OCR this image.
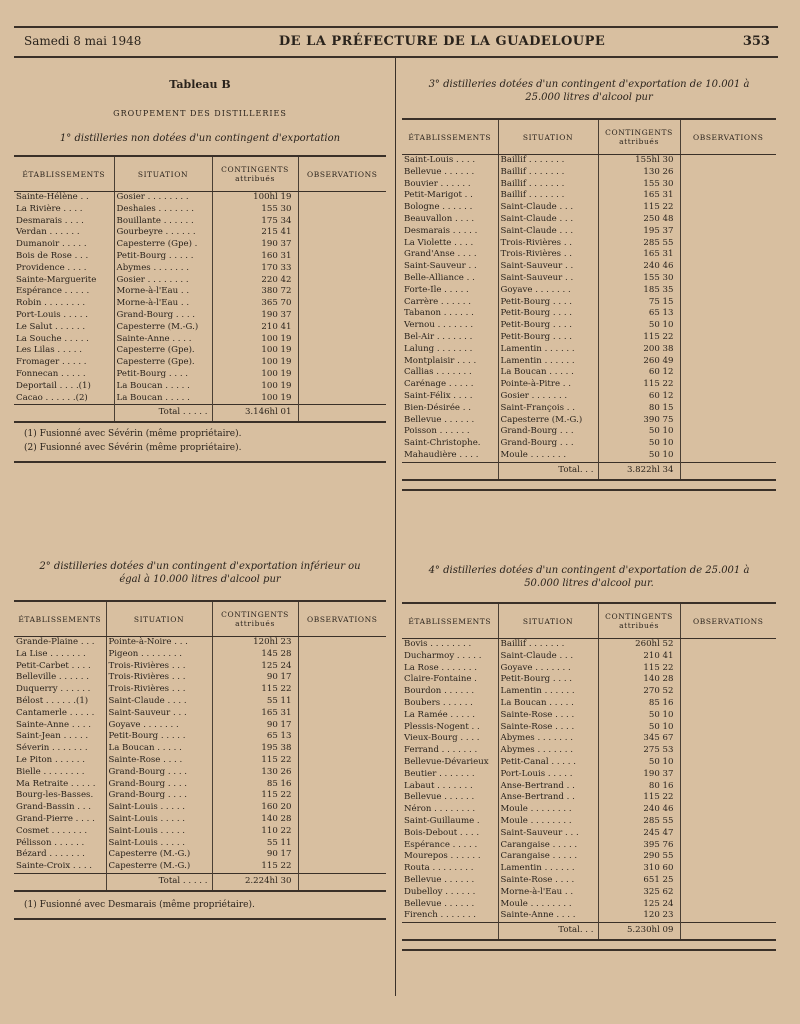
Samedi 8 mai 1948	DE LA PRÉFECTURE DE LA GUADELOUPE	353
Tableau B
GROUPEMENT DES DISTILLERIES
1° distilleries non dotées d'un contingent d'exportation
ÉTABLISSEMENTS	SITUATION	CONTINGENTS attribués	OBSERVATIONS
Sainte-Hélène . .	Gosier . . . . . . . .	100hl 19	
La Rivière . . . .	Deshaies . . . . . . .	155 30	
Desmarais . . . .	Bouillante . . . . . .	175 34	
Verdan . . . . . .	Gourbeyre . . . . . .	215 41	
Dumanoir . . . . .	Capesterre (Gpe) .	190 37	
Bois de Rose . . .	Petit-Bourg . . . . .	160 31	
Providence . . . .	Abymes . . . . . . .	170 33	
Sainte-Marguerite	Gosier . . . . . . . .	220 42	
Espérance . . . . .	Morne-à-l'Eau . .	380 72	
Robin . . . . . . . .	Morne-à-l'Eau . .	365 70	
Port-Louis . . . . .	Grand-Bourg . . . .	190 37	
Le Salut . . . . . .	Capesterre (M.-G.)	210 41	
La Souche . . . . .	Sainte-Anne . . . .	100 19	
Les Lilas . . . . .	Capesterre (Gpe).	100 19	
Fromager . . . . .	Capesterre (Gpe).	100 19	
Fonnecan . . . . .	Petit-Bourg . . . .	100 19	
Deportail . . . .(1)	La Boucan . . . . .	100 19	
Cacao . . . . . .(2)	La Boucan . . . . .	100 19	
	Total . . . . .	3.146hl 01	
(1) Fusionné avec Sévérin (même propriétaire).
(2) Fusionné avec Sévérin (même propriétaire).
2° distilleries dotées d'un contingent d'exportation inférieur ou égal à 10.000 litres d'alcool pur
ÉTABLISSEMENTS	SITUATION	CONTINGENTS attribués	OBSERVATIONS
Grande-Plaine . . .	Pointe-à-Noire . . .	120hl 23	
La Lise . . . . . . .	Pigeon . . . . . . . .	145 28	
Petit-Carbet . . . .	Trois-Rivières . . .	125 24	
Belleville . . . . . .	Trois-Rivières . . .	90 17	
Duquerry . . . . . .	Trois-Rivières . . .	115 22	
Bélost . . . . . .(1)	Saint-Claude . . . .	55 11	
Cantamerle . . . . .	Saint-Sauveur . . .	165 31	
Sainte-Anne . . . .	Goyave . . . . . . .	90 17	
Saint-Jean . . . . .	Petit-Bourg . . . . .	65 13	
Séverin . . . . . . .	La Boucan . . . . .	195 38	
Le Piton . . . . . .	Sainte-Rose . . . .	115 22	
Bielle . . . . . . . .	Grand-Bourg . . . .	130 26	
Ma Retraite . . . . .	Grand-Bourg . . . .	85 16	
Bourg-les-Basses.	Grand-Bourg . . . .	115 22	
Grand-Bassin . . .	Saint-Louis . . . . .	160 20	
Grand-Pierre . . . .	Saint-Louis . . . . .	140 28	
Cosmet . . . . . . .	Saint-Louis . . . . .	110 22	
Pélisson . . . . . .	Saint-Louis . . . . .	55 11	
Bézard . . . . . . .	Capesterre (M.-G.)	90 17	
Sainte-Croix . . . .	Capesterre (M.-G.)	115 22	
	Total . . . . .	2.224hl 30	
(1) Fusionné avec Desmarais (même propriétaire).
3° distilleries dotées d'un contingent d'exportation de 10.001 à 25.000 litres d'alcool pur
ÉTABLISSEMENTS	SITUATION	CONTINGENTS attribués	OBSERVATIONS
Saint-Louis . . . .	Baillif . . . . . . .	155hl 30	
Bellevue . . . . . .	Baillif . . . . . . .	130 26	
Bouvier . . . . . .	Baillif . . . . . . .	155 30	
Petit-Marigot . .	Baillif . . . . . . .	165 31	
Bologne . . . . . .	Saint-Claude . . .	115 22	
Beauvallon . . . .	Saint-Claude . . .	250 48	
Desmarais . . . . .	Saint-Claude . . .	195 37	
La Violette . . . .	Trois-Rivières . .	285 55	
Grand'Anse . . . .	Trois-Rivières . .	165 31	
Saint-Sauveur . .	Saint-Sauveur . .	240 46	
Belle-Alliance . .	Saint-Sauveur . .	155 30	
Forte-Île . . . . .	Goyave . . . . . . .	185 35	
Carrère . . . . . .	Petit-Bourg . . . .	75 15	
Tabanon . . . . . .	Petit-Bourg . . . .	65 13	
Vernou . . . . . . .	Petit-Bourg . . . .	50 10	
Bel-Air . . . . . . .	Petit-Bourg . . . .	115 22	
Lalung . . . . . . .	Lamentin . . . . . .	200 38	
Montplaisir . . . .	Lamentin . . . . . .	260 49	
Callias . . . . . . .	La Boucan . . . . .	60 12	
Carénage . . . . .	Pointe-à-Pitre . .	115 22	
Saint-Félix . . . .	Gosier . . . . . . .	60 12	
Bien-Désirée . .	Saint-François . .	80 15	
Bellevue . . . . . .	Capesterre (M.-G.)	390 75	
Poisson . . . . . .	Grand-Bourg . . .	50 10	
Saint-Christophe.	Grand-Bourg . . .	50 10	
Mahaudière . . . .	Moule . . . . . . .	50 10	
	Total. . .	3.822hl 34	
4° distilleries dotées d'un contingent d'exportation de 25.001 à 50.000 litres d'alcool pur.
ÉTABLISSEMENTS	SITUATION	CONTINGENTS attribués	OBSERVATIONS
Bovis . . . . . . . .	Baillif . . . . . . .	260hl 52	
Ducharmoy . . . . .	Saint-Claude . . .	210 41	
La Rose . . . . . . .	Goyave . . . . . . .	115 22	
Claire-Fontaine .	Petit-Bourg . . . .	140 28	
Bourdon . . . . . .	Lamentin . . . . . .	270 52	
Boubers . . . . . .	La Boucan . . . . .	85 16	
La Ramée . . . . .	Sainte-Rose . . . .	50 10	
Plessis-Nogent . .	Sainte-Rose . . . .	50 10	
Vieux-Bourg . . . .	Abymes . . . . . . .	345 67	
Ferrand . . . . . . .	Abymes . . . . . . .	275 53	
Bellevue-Dévarieux	Petit-Canal . . . . .	50 10	
Beutier . . . . . . .	Port-Louis . . . . .	190 37	
Labaut . . . . . . .	Anse-Bertrand . .	80 16	
Bellevue . . . . . .	Anse-Bertrand . .	115 22	
Néron . . . . . . . .	Moule . . . . . . . .	240 46	
Saint-Guillaume .	Moule . . . . . . . .	285 55	
Bois-Debout . . . .	Saint-Sauveur . . .	245 47	
Espérance . . . . .	Carangaise . . . . .	395 76	
Mourepos . . . . . .	Carangaise . . . . .	290 55	
Routa . . . . . . . .	Lamentin . . . . . .	310 60	
Bellevue . . . . . .	Sainte-Rose . . . .	651 25	
Dubelloy . . . . . .	Morne-à-l'Eau . .	325 62	
Bellevue . . . . . .	Moule . . . . . . . .	125 24	
Firench . . . . . . .	Sainte-Anne . . . .	120 23	
	Total. . .	5.230hl 09	
